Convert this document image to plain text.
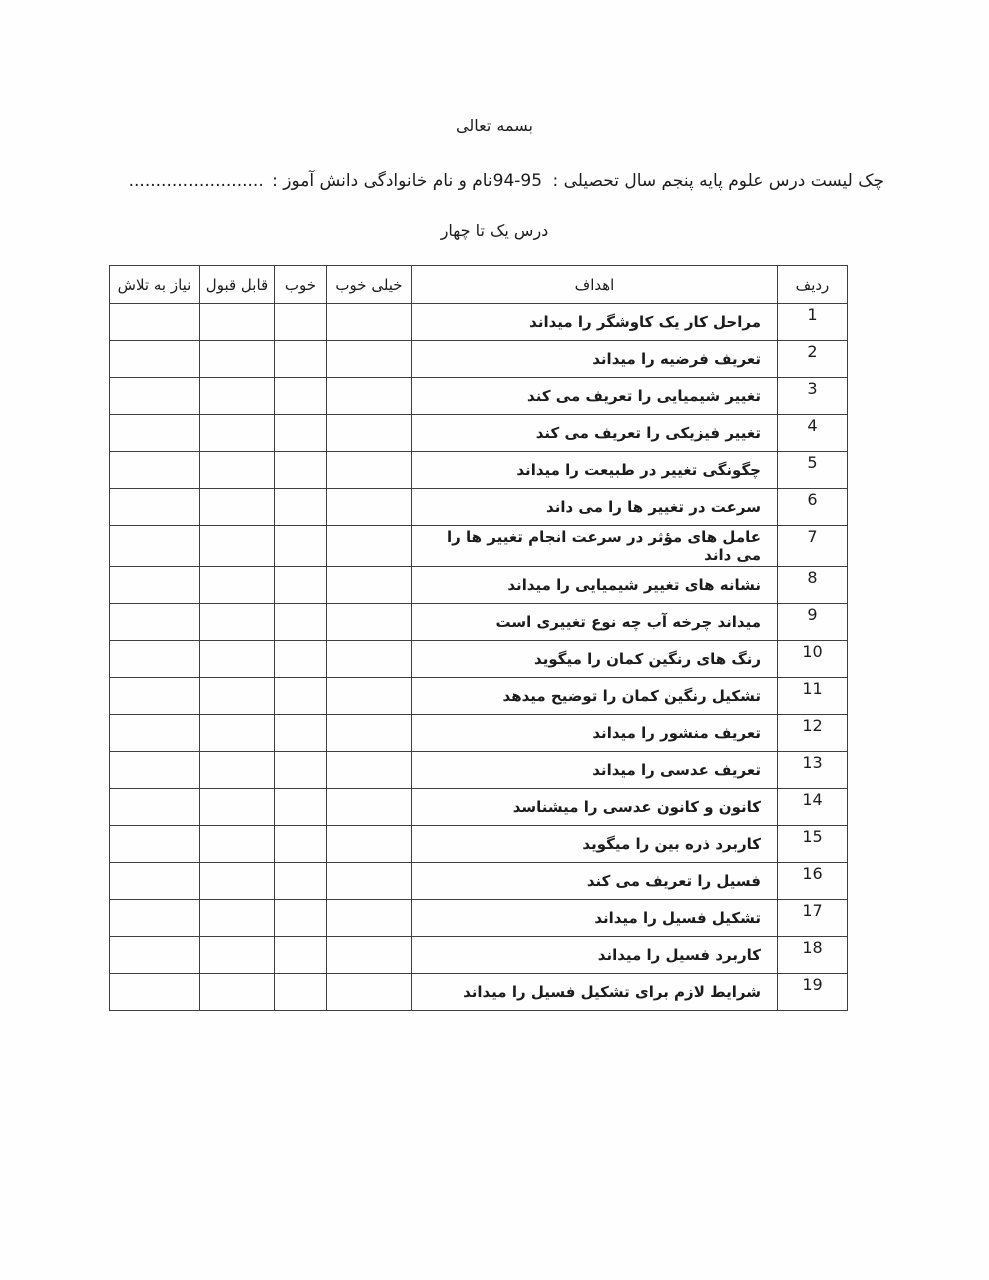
بسمه تعالی
چک لیست درس علوم پایه پنجم سال تحصیلی : 94-95
نام و نام خانوادگی دانش آموز : .........................
درس یک تا چهار
ردیف	اهداف	خیلی خوب	خوب	قابل قبول	نیاز به تلاش
1	مراحل کار یک کاوشگر را میداند				
2	تعریف فرضیه را میداند				
3	تغییر شیمیایی را تعریف می کند				
4	تغییر فیزیکی را تعریف می کند				
5	چگونگی تغییر در طبیعت را میداند				
6	سرعت در تغییر ها را می داند				
7	عامل های مؤثر در سرعت انجام تغییر ها را می داند				
8	نشانه های تغییر شیمیایی را میداند				
9	میداند چرخه آب چه نوع تغییری است				
10	رنگ های رنگین کمان را میگوید				
11	تشکیل رنگین کمان را توضیح میدهد				
12	تعریف منشور را میداند				
13	تعریف عدسی را میداند				
14	کانون و کانون عدسی را میشناسد				
15	کاربرد ذره بین را میگوید				
16	فسیل را تعریف می کند				
17	تشکیل فسیل را میداند				
18	کاربرد فسیل را میداند				
19	شرایط لازم برای تشکیل فسیل را میداند				
